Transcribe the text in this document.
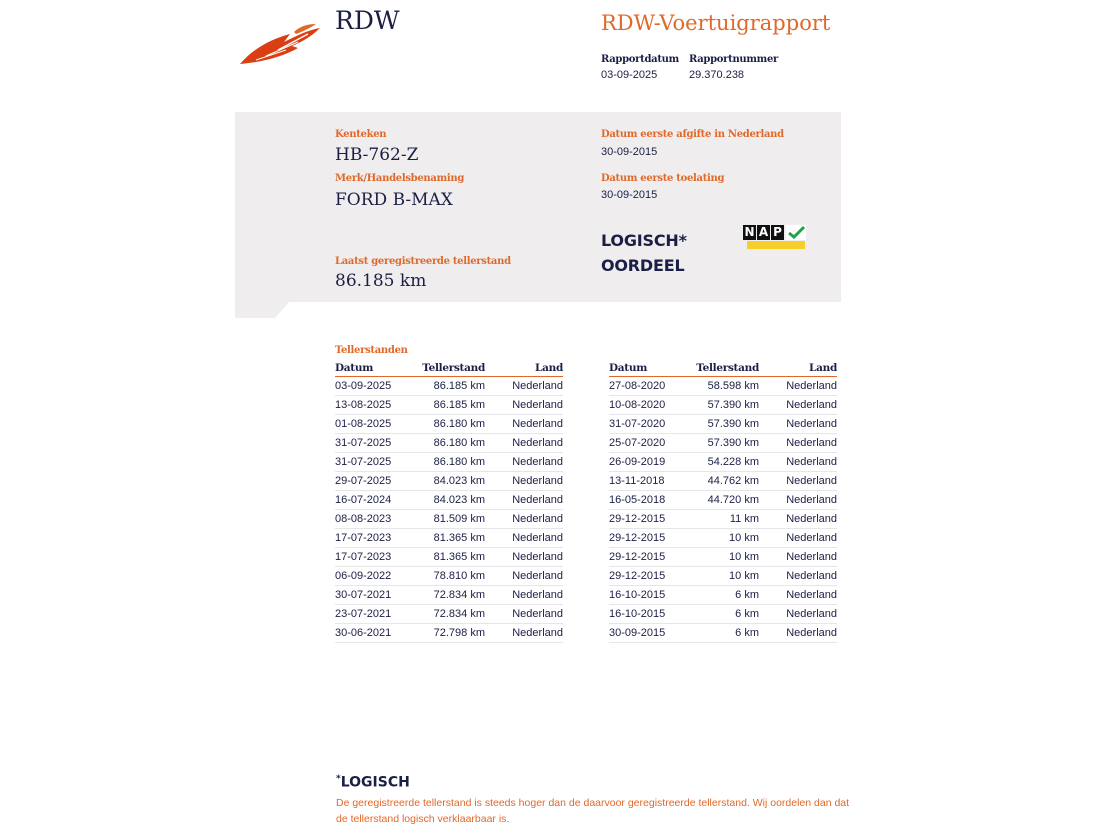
RDW	RDW-Voertuigrapport
Rapportdatum
03-09-2025
Rapportnummer
29.370.238
Kenteken
HB-762-Z
Merk/Handelsbenaming
FORD B-MAX
Laatst geregistreerde tellerstand
86.185 km
Datum eerste afgifte in Nederland
30-09-2015
Datum eerste toelating
30-09-2015
LOGISCH*
OORDEEL
N A P
Tellerstanden
Datum	Tellerstand	Land
03-09-2025	86.185 km	Nederland
13-08-2025	86.185 km	Nederland
01-08-2025	86.180 km	Nederland
31-07-2025	86.180 km	Nederland
31-07-2025	86.180 km	Nederland
29-07-2025	84.023 km	Nederland
16-07-2024	84.023 km	Nederland
08-08-2023	81.509 km	Nederland
17-07-2023	81.365 km	Nederland
17-07-2023	81.365 km	Nederland
06-09-2022	78.810 km	Nederland
30-07-2021	72.834 km	Nederland
23-07-2021	72.834 km	Nederland
30-06-2021	72.798 km	Nederland
Datum	Tellerstand	Land
27-08-2020	58.598 km	Nederland
10-08-2020	57.390 km	Nederland
31-07-2020	57.390 km	Nederland
25-07-2020	57.390 km	Nederland
26-09-2019	54.228 km	Nederland
13-11-2018	44.762 km	Nederland
16-05-2018	44.720 km	Nederland
29-12-2015	11 km	Nederland
29-12-2015	10 km	Nederland
29-12-2015	10 km	Nederland
29-12-2015	10 km	Nederland
16-10-2015	6 km	Nederland
16-10-2015	6 km	Nederland
30-09-2015	6 km	Nederland
*LOGISCH
De geregistreerde tellerstand is steeds hoger dan de daarvoor geregistreerde tellerstand. Wij oordelen dan dat de tellerstand logisch verklaarbaar is.
